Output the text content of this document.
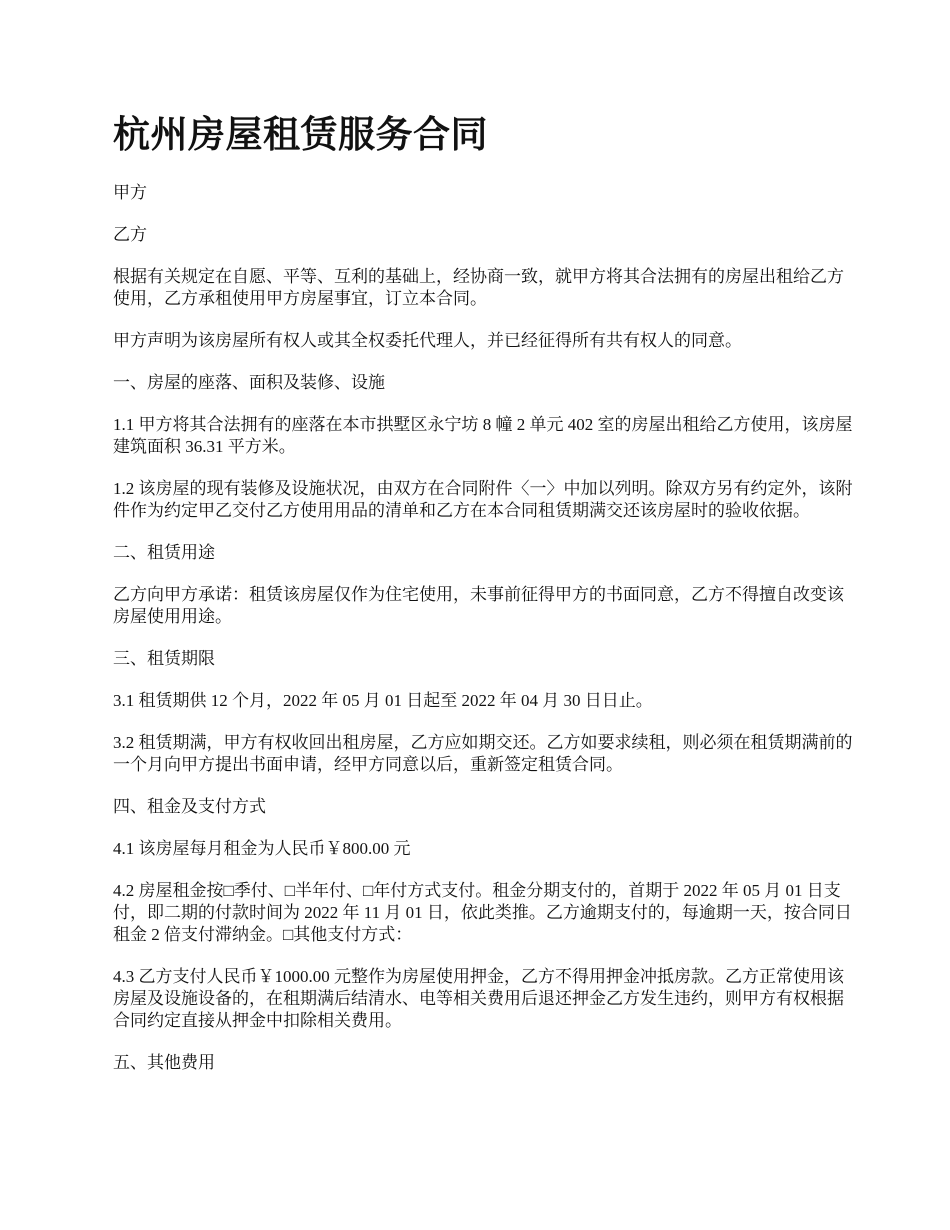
杭州房屋租赁服务合同

甲方

乙方

根据有关规定在自愿、平等、互利的基础上，经协商一致，就甲方将其合法拥有的房屋出租给乙方使用，乙方承租使用甲方房屋事宜，订立本合同。

甲方声明为该房屋所有权人或其全权委托代理人，并已经征得所有共有权人的同意。

一、房屋的座落、面积及装修、设施

1.1 甲方将其合法拥有的座落在本市拱墅区永宁坊 8 幢 2 单元 402 室的房屋出租给乙方使用，该房屋建筑面积 36.31 平方米。

1.2 该房屋的现有装修及设施状况，由双方在合同附件〈一〉中加以列明。除双方另有约定外，该附件作为约定甲乙交付乙方使用用品的清单和乙方在本合同租赁期满交还该房屋时的验收依据。

二、租赁用途

乙方向甲方承诺：租赁该房屋仅作为住宅使用，未事前征得甲方的书面同意，乙方不得擅自改变该房屋使用用途。

三、租赁期限

3.1 租赁期供 12 个月，2022 年 05 月 01 日起至 2022 年 04 月 30 日日止。

3.2 租赁期满，甲方有权收回出租房屋，乙方应如期交还。乙方如要求续租，则必须在租赁期满前的一个月向甲方提出书面申请，经甲方同意以后，重新签定租赁合同。

四、租金及支付方式

4.1 该房屋每月租金为人民币￥800.00 元

4.2 房屋租金按□季付、□半年付、□年付方式支付。租金分期支付的，首期于 2022 年 05 月 01 日支付，即二期的付款时间为 2022 年 11 月 01 日，依此类推。乙方逾期支付的，每逾期一天，按合同日租金 2 倍支付滞纳金。□其他支付方式：

4.3 乙方支付人民币￥1000.00 元整作为房屋使用押金，乙方不得用押金冲抵房款。乙方正常使用该房屋及设施设备的，在租期满后结清水、电等相关费用后退还押金乙方发生违约，则甲方有权根据合同约定直接从押金中扣除相关费用。

五、其他费用
